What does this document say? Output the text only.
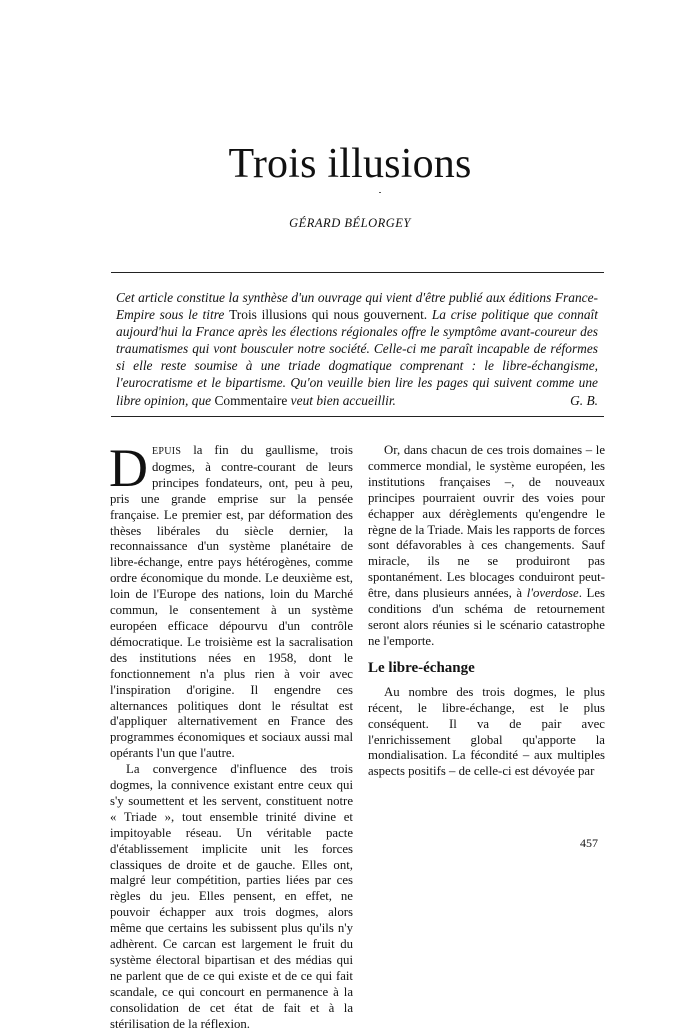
Trois illusions

GÉRARD BÉLORGEY

Cet article constitue la synthèse d'un ouvrage qui vient d'être publié aux éditions France-Empire sous le titre Trois illusions qui nous gouvernent. La crise politique que connaît aujourd'hui la France après les élections régionales offre le symptôme avant-coureur des traumatismes qui vont bousculer notre société. Celle-ci me paraît incapable de réformes si elle reste soumise à une triade dogmatique comprenant : le libre-échangisme, l'eurocratisme et le bipartisme. Qu'on veuille bien lire les pages qui suivent comme une libre opinion, que Commentaire veut bien accueillir.	G. B.

DEPUIS la fin du gaullisme, trois dogmes, à contre-courant de leurs principes fondateurs, ont, peu à peu, pris une grande emprise sur la pensée française. Le premier est, par déformation des thèses libérales du siècle dernier, la reconnaissance d'un système planétaire de libre-échange, entre pays hétérogènes, comme ordre économique du monde. Le deuxième est, loin de l'Europe des nations, loin du Marché commun, le consentement à un système européen efficace dépourvu d'un contrôle démocratique. Le troisième est la sacralisation des institutions nées en 1958, dont le fonctionnement n'a plus rien à voir avec l'inspiration d'origine. Il engendre ces alternances politiques dont le résultat est d'appliquer alternativement en France des programmes économiques et sociaux aussi mal opérants l'un que l'autre.

La convergence d'influence des trois dogmes, la connivence existant entre ceux qui s'y soumettent et les servent, constituent notre « Triade », tout ensemble trinité divine et impitoyable réseau. Un véritable pacte d'établissement implicite unit les forces classiques de droite et de gauche. Elles ont, malgré leur compétition, parties liées par ces règles du jeu. Elles pensent, en effet, ne pouvoir échapper aux trois dogmes, alors même que certains les subissent plus qu'ils n'y adhèrent. Ce carcan est largement le fruit du système électoral bipartisan et des médias qui ne parlent que de ce qui existe et de ce qui fait scandale, ce qui concourt en permanence à la consolidation de cet état de fait et à la stérilisation de la réflexion.

Or, dans chacun de ces trois domaines – le commerce mondial, le système européen, les institutions françaises –, de nouveaux principes pourraient ouvrir des voies pour échapper aux dérèglements qu'engendre le règne de la Triade. Mais les rapports de forces sont défavorables à ces changements. Sauf miracle, ils ne se produiront pas spontanément. Les blocages conduiront peut-être, dans plusieurs années, à l'overdose. Les conditions d'un schéma de retournement seront alors réunies si le scénario catastrophe ne l'emporte.

Le libre-échange

Au nombre des trois dogmes, le plus récent, le libre-échange, est le plus conséquent. Il va de pair avec l'enrichissement global qu'apporte la mondialisation. La fécondité – aux multiples aspects positifs – de celle-ci est dévoyée par

457
